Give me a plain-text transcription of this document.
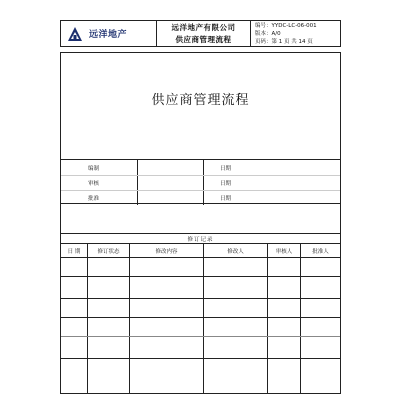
远洋地产
远洋地产有限公司
供应商管理流程
编号： YYDC-LC-06-001
版本： A/0
页码： 第 1 页 共 14 页
供应商管理流程
编制	日期
审核	日期
批准	日期
修订记录
日 期	修订状态	修改内容	修改人	审核人	批准人
